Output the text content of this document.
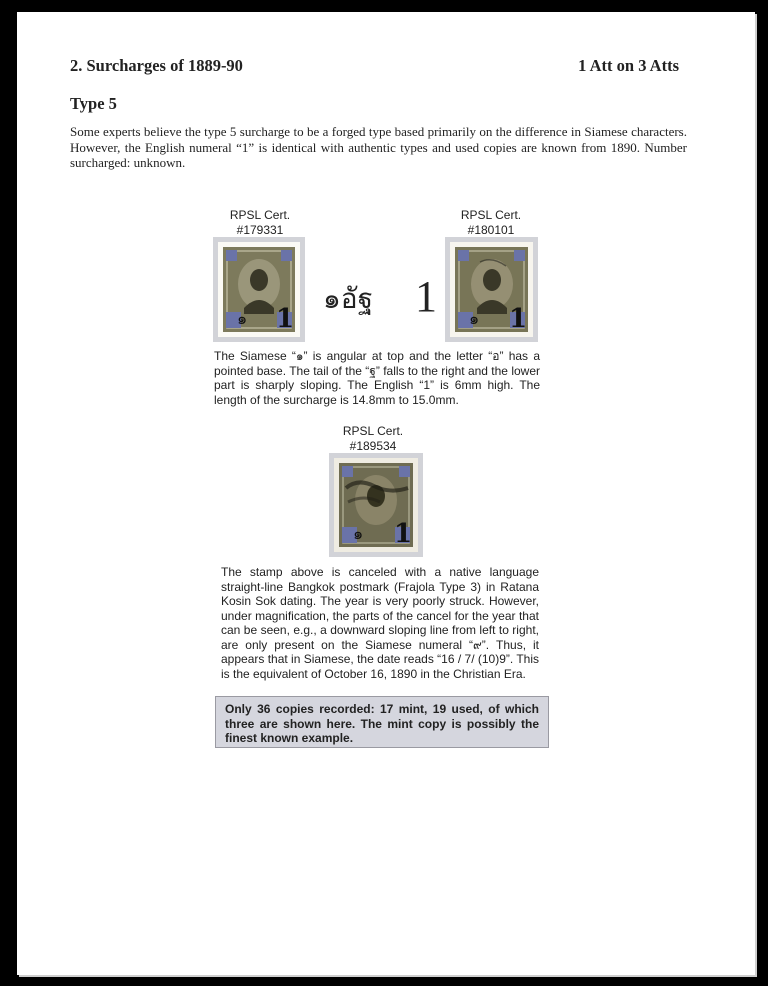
2. Surcharges of 1889-90	1 Att on 3 Atts
Type 5
Some experts believe the type 5 surcharge to be a forged type based primarily on the difference in Siamese characters. However, the English numeral “1” is identical with authentic types and used copies are known from 1890. Number surcharged: unknown.
RPSL Cert.
#179331
๑ 1
๑อัฐ 1
RPSL Cert.
#180101
๑ 1
The Siamese “๑” is angular at top and the letter “อ” has a pointed base. The tail of the “ฐ” falls to the right and the lower part is sharply sloping. The English “1” is 6mm high. The length of the surcharge is 14.8mm to 15.0mm.
RPSL Cert.
#189534
๑ 1
The stamp above is canceled with a native language straight-line Bangkok postmark (Frajola Type 3) in Ratana Kosin Sok dating. The year is very poorly struck. However, under magnification, the parts of the cancel for the year that can be seen, e.g., a downward sloping line from left to right, are only present on the Siamese numeral “๙”. Thus, it appears that in Siamese, the date reads “16 / 7/ (10)9”. This is the equivalent of October 16, 1890 in the Christian Era.
Only 36 copies recorded: 17 mint, 19 used, of which three are shown here. The mint copy is possibly the finest known example.
